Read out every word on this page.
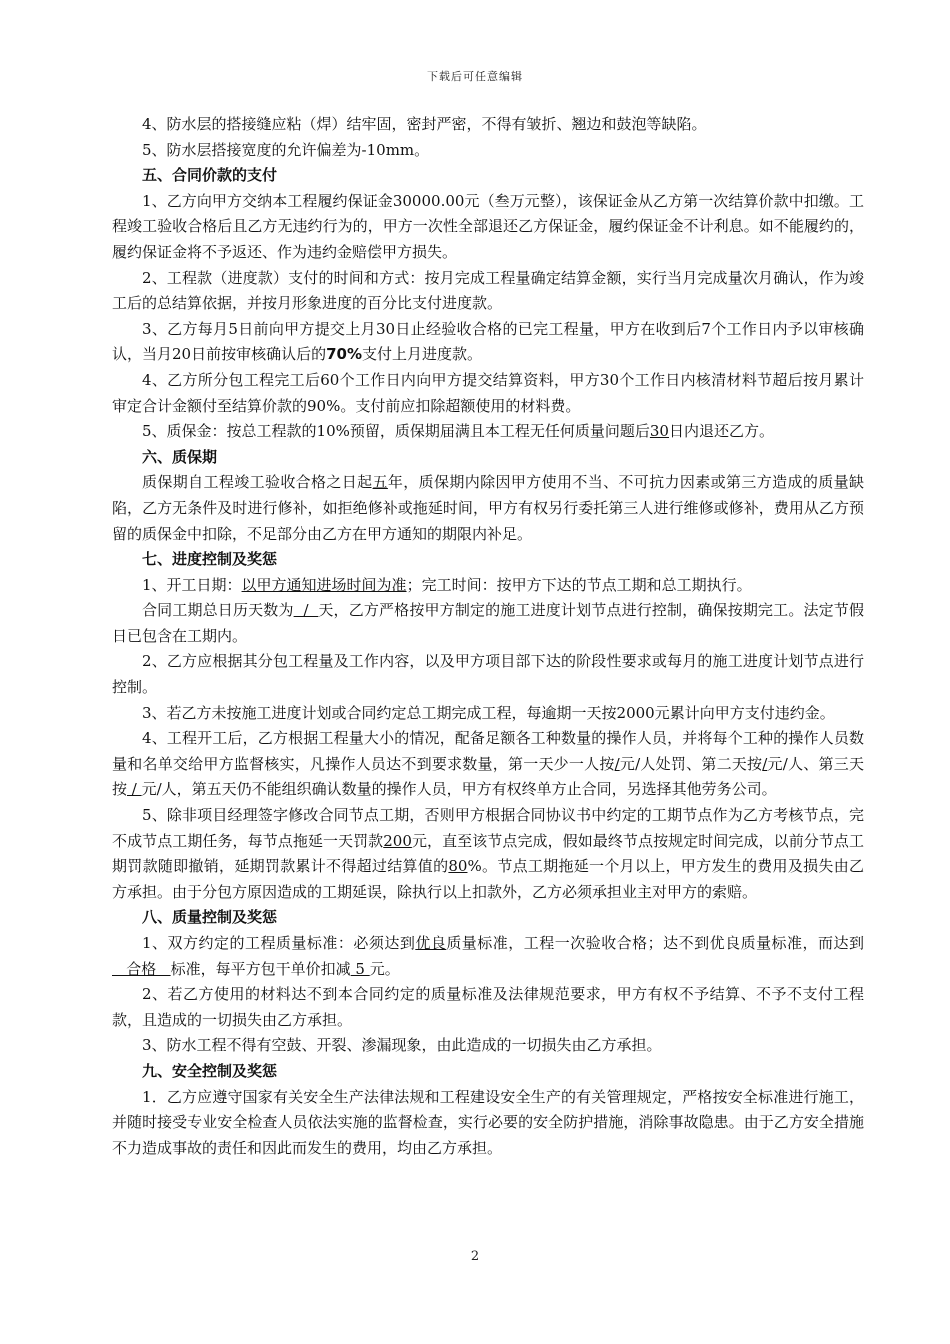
下载后可任意编辑

4、防水层的搭接缝应粘（焊）结牢固，密封严密，不得有皱折、翘边和鼓泡等缺陷。

5、防水层搭接宽度的允许偏差为-10mm。

五、合同价款的支付

1、乙方向甲方交纳本工程履约保证金30000.00元（叁万元整），该保证金从乙方第一次结算价款中扣缴。工程竣工验收合格后且乙方无违约行为的，甲方一次性全部退还乙方保证金，履约保证金不计利息。如不能履约的，履约保证金将不予返还、作为违约金赔偿甲方损失。

2、工程款（进度款）支付的时间和方式：按月完成工程量确定结算金额，实行当月完成量次月确认，作为竣工后的总结算依据，并按月形象进度的百分比支付进度款。

3、乙方每月5日前向甲方提交上月30日止经验收合格的已完工程量，甲方在收到后7个工作日内予以审核确认，当月20日前按审核确认后的70%支付上月进度款。

4、乙方所分包工程完工后60个工作日内向甲方提交结算资料，甲方30个工作日内核清材料节超后按月累计审定合计金额付至结算价款的90%。支付前应扣除超额使用的材料费。

5、质保金：按总工程款的10%预留，质保期届满且本工程无任何质量问题后30日内退还乙方。

六、质保期

质保期自工程竣工验收合格之日起五年，质保期内除因甲方使用不当、不可抗力因素或第三方造成的质量缺陷，乙方无条件及时进行修补，如拒绝修补或拖延时间，甲方有权另行委托第三人进行维修或修补，费用从乙方预留的质保金中扣除，不足部分由乙方在甲方通知的期限内补足。

七、进度控制及奖惩

1、开工日期：以甲方通知进场时间为准；完工时间：按甲方下达的节点工期和总工期执行。

合同工期总日历天数为  /  天，乙方严格按甲方制定的施工进度计划节点进行控制，确保按期完工。法定节假日已包含在工期内。

2、乙方应根据其分包工程量及工作内容，以及甲方项目部下达的阶段性要求或每月的施工进度计划节点进行控制。

3、若乙方未按施工进度计划或合同约定总工期完成工程，每逾期一天按2000元累计向甲方支付违约金。

4、工程开工后，乙方根据工程量大小的情况，配备足额各工种数量的操作人员，并将每个工种的操作人员数量和名单交给甲方监督核实，凡操作人员达不到要求数量，第一天少一人按/元/人处罚、第二天按/元/人、第三天按 / 元/人，第五天仍不能组织确认数量的操作人员，甲方有权终单方止合同，另选择其他劳务公司。

5、除非项目经理签字修改合同节点工期，否则甲方根据合同协议书中约定的工期节点作为乙方考核节点，完不成节点工期任务，每节点拖延一天罚款200元，直至该节点完成，假如最终节点按规定时间完成，以前分节点工期罚款随即撤销，延期罚款累计不得超过结算值的80%。节点工期拖延一个月以上，甲方发生的费用及损失由乙方承担。由于分包方原因造成的工期延误，除执行以上扣款外，乙方必须承担业主对甲方的索赔。

八、质量控制及奖惩

1、双方约定的工程质量标准：必须达到优良质量标准，工程一次验收合格；达不到优良质量标准，而达到   合格   标准，每平方包干单价扣减 5 元。

2、若乙方使用的材料达不到本合同约定的质量标准及法律规范要求，甲方有权不予结算、不予不支付工程款，且造成的一切损失由乙方承担。

3、防水工程不得有空鼓、开裂、渗漏现象，由此造成的一切损失由乙方承担。

九、安全控制及奖惩

1．乙方应遵守国家有关安全生产法律法规和工程建设安全生产的有关管理规定，严格按安全标准进行施工，并随时接受专业安全检查人员依法实施的监督检查，实行必要的安全防护措施，消除事故隐患。由于乙方安全措施不力造成事故的责任和因此而发生的费用，均由乙方承担。

2
